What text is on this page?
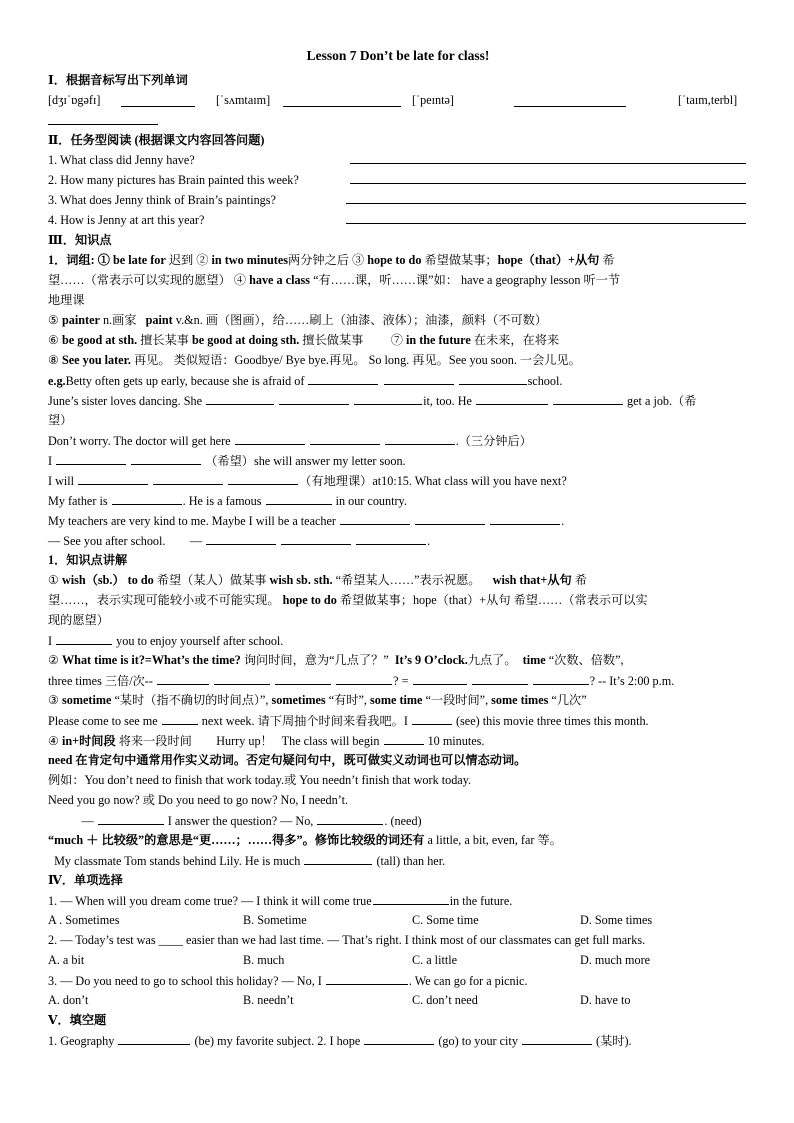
Lesson 7 Don’t be late for class!
Ⅰ．根据音标写出下列单词
[dʒɪˈɒgəfɪ]	[ˈsʌmtaɪm]	[ˈpeɪntə]	[ˈtaɪm,terbl]
Ⅱ．任务型阅读 (根据课文内容回答问题)
1. What class did Jenny have?
2. How many pictures has Brain painted this week?
3. What does Jenny think of Brain’s paintings?
4. How is Jenny at art this year?
Ⅲ．知识点
1．词组: ① be late for 迟到 ② in two minutes两分钟之后 ③ hope to do 希望做某事；hope（that）+从句 希
望……（常表示可以实现的愿望） ④ have a class “有……课，听……课”如： have a geography lesson 听一节
地理课
⑤ painter n.画家 paint v.&n. 画（图画），给……刷上（油漆、液体）；油漆，颜料（不可数）
⑥ be good at sth. 擅长某事 be good at doing sth. 擅长做某事 ⑦ in the future 在未来，在将来
⑧ See you later. 再见。 类似短语：Goodbye/ Bye bye.再见。 So long. 再见。See you soon. 一会儿见。
e.g.Betty often gets up early, because she is afraid of	school.
June’s sister loves dancing. She	it, too. He	get a job.（希
望）
Don’t worry. The doctor will get here	.（三分钟后）
I	（希望）she will answer my letter soon.
I will	（有地理课）at10:15. What class will you have next?
My father is	. He is a famous	in our country.
My teachers are very kind to me. Maybe I will be a teacher	.
— See you after school. —	.
1．知识点讲解
① wish（sb.） to do 希望（某人）做某事 wish sb. sth. “希望某人……”表示祝愿。 wish that+从句 希
望……，表示实现可能较小或不可能实现。 hope to do 希望做某事；hope（that）+从句 希望……（常表示可以实
现的愿望）
I	you to enjoy yourself after school.
② What time is it?=What’s the time? 询问时间，意为“几点了？” It’s 9 O’clock.九点了。 time “次数、倍数”,
three times 三倍/次--	? =	? -- It’s 2:00 p.m.
③ sometime “某时（指不确切的时间点）”, sometimes “有时”, some time “一段时间”, some times “几次”
Please come to see me	next week. 请下周抽个时间来看我吧。I	(see) this movie three times this month.
④ in+时间段 将来一段时间 Hurry up！ The class will begin	10 minutes.
need 在肯定句中通常用作实义动词。否定句疑问句中，既可做实义动词也可以情态动词。
例如：You don’t need to finish that work today.或 You needn’t finish that work today.
Need you go now? 或 Do you need to go now? No, I needn’t.
—	I answer the question? — No,	. (need)
“much ＋ 比较级”的意思是“更……；……得多”。修饰比较级的词还有 a little, a bit, even, far 等。
My classmate Tom stands behind Lily. He is much	(tall) than her.
Ⅳ．单项选择
1. — When will you dream come true? — I think it will come true	in the future.
A . Sometimes	B. Sometime	C. Some time	D. Some times
2. — Today’s test was ____ easier than we had last time. — That’s right. I think most of our classmates can get full marks.
A. a bit	B. much	C. a little	D. much more
3. — Do you need to go to school this holiday? — No, I	. We can go for a picnic.
A. don’t	B. needn’t	C. don’t need	D. have to
Ⅴ．填空题
1. Geography	(be) my favorite subject. 2. I hope	(go) to your city	(某时).
